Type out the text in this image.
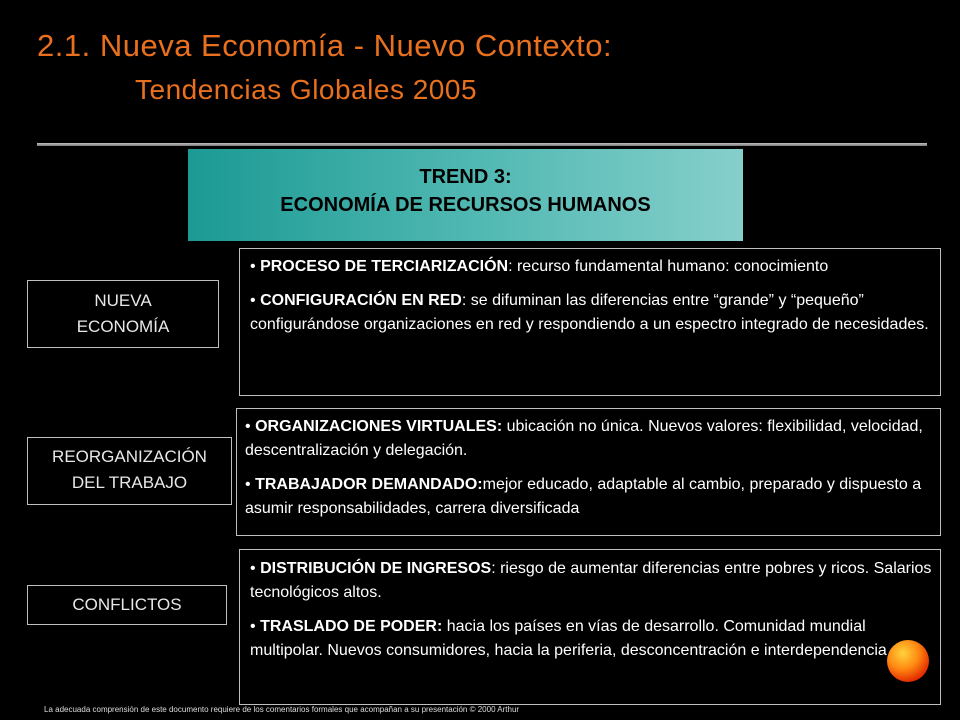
2.1. Nueva Economía - Nuevo Contexto:
Tendencias Globales 2005
TREND 3:
ECONOMÍA DE RECURSOS HUMANOS
NUEVA
ECONOMÍA

• PROCESO DE TERCIARIZACIÓN: recurso fundamental humano: conocimiento

• CONFIGURACIÓN EN RED: se difuminan las diferencias entre “grande” y “pequeño” configurándose organizaciones en red y respondiendo a un espectro integrado de necesidades.

REORGANIZACIÓN
DEL TRABAJO

• ORGANIZACIONES VIRTUALES: ubicación no única. Nuevos valores: flexibilidad, velocidad, descentralización y delegación.

• TRABAJADOR DEMANDADO:mejor educado, adaptable al cambio, preparado y dispuesto a asumir responsabilidades, carrera diversificada

CONFLICTOS

• DISTRIBUCIÓN DE INGRESOS: riesgo de aumentar diferencias entre pobres y ricos. Salarios tecnológicos altos.

• TRASLADO DE PODER: hacia los países en vías de desarrollo. Comunidad mundial multipolar. Nuevos consumidores, hacia la periferia, desconcentración e interdependencia

La adecuada comprensión de este documento requiere de los comentarios formales que acompañan a su presentación © 2000 Arthur
